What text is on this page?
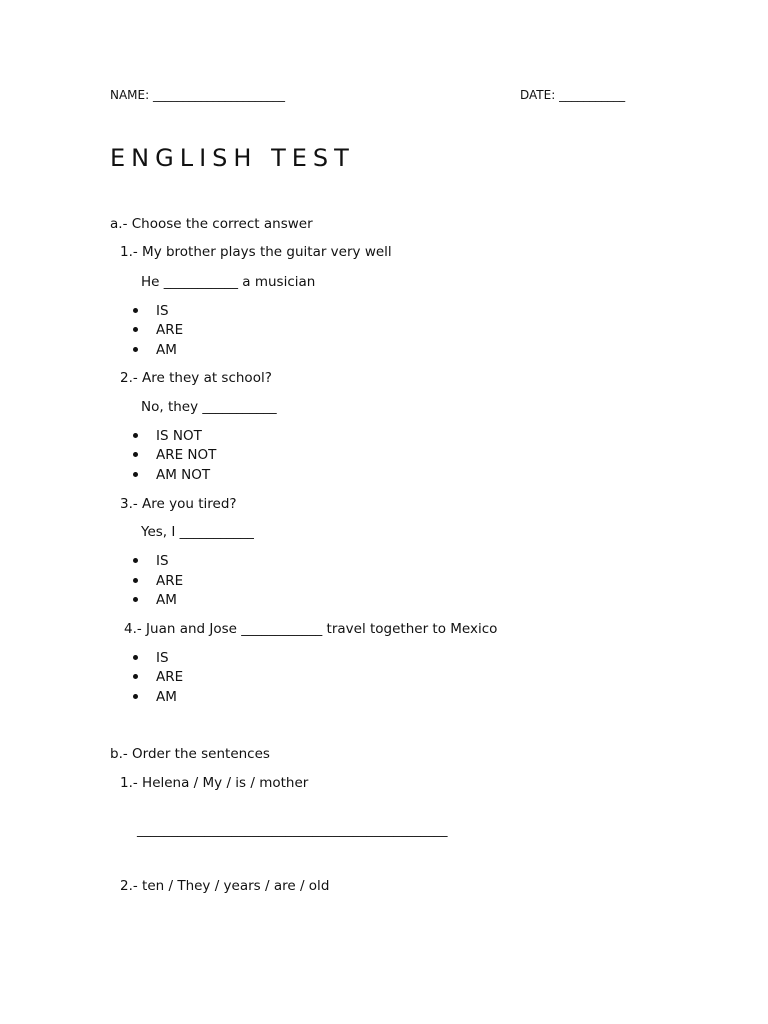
NAME: ______________________	DATE: ___________
ENGLISH TEST
a.- Choose the correct answer
1.- My brother plays the guitar very well
He ___________ a musician
IS
ARE
AM
2.- Are they at school?
No, they ___________
IS NOT
ARE NOT
AM NOT
3.- Are you tired?
Yes, I ___________
IS
ARE
AM
4.- Juan and Jose ____________ travel together to Mexico
IS
ARE
AM
b.- Order the sentences
1.- Helena / My / is / mother
______________________________________________
2.- ten / They / years / are / old
